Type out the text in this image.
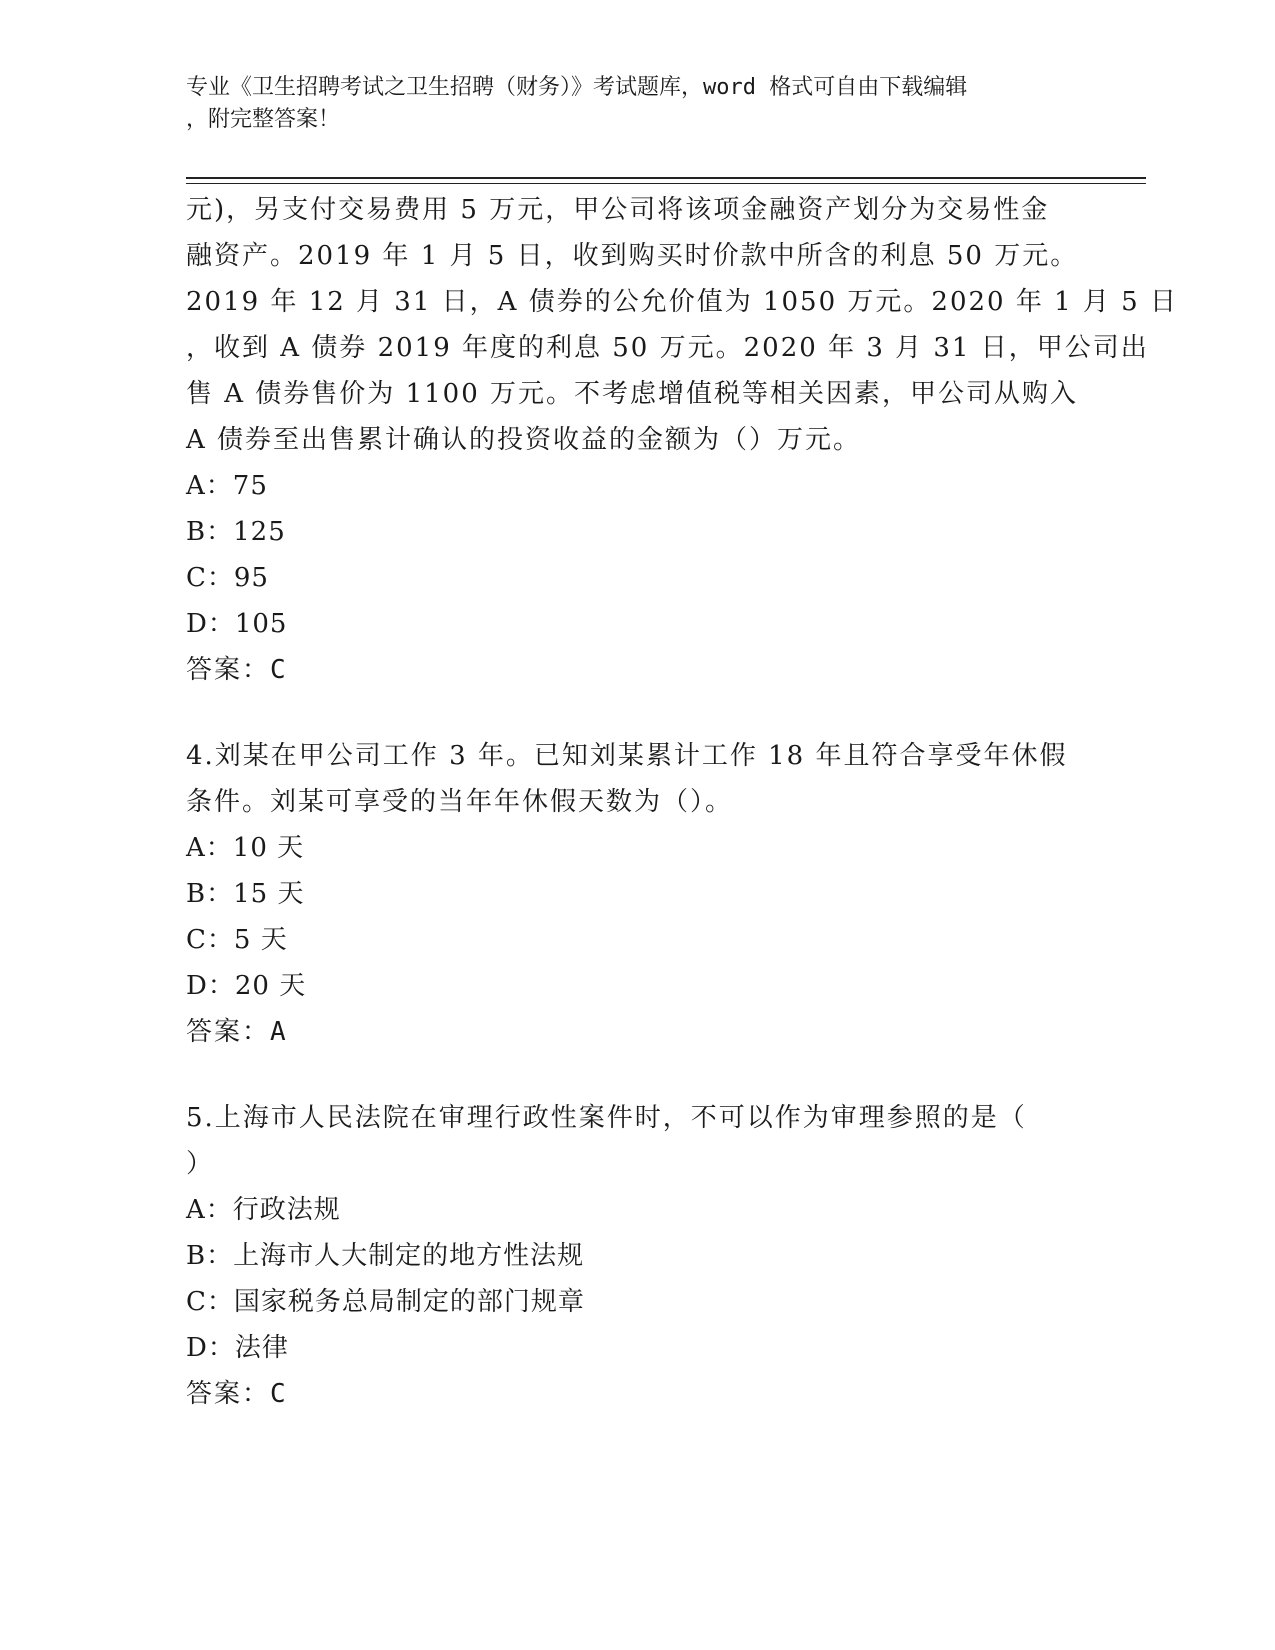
专业《卫生招聘考试之卫生招聘（财务）》考试题库，word 格式可自由下载编辑
，附完整答案！
元)，另支付交易费用 5 万元，甲公司将该项金融资产划分为交易性金
融资产。2019 年 1 月 5 日，收到购买时价款中所含的利息 50 万元。
2019 年 12 月 31 日，A 债券的公允价值为 1050 万元。2020 年 1 月 5 日
，收到 A 债券 2019 年度的利息 50 万元。2020 年 3 月 31 日，甲公司出
售 A 债券售价为 1100 万元。不考虑增值税等相关因素，甲公司从购入
A 债券至出售累计确认的投资收益的金额为（）万元。
A：75
B：125
C：95
D：105
答案：C
4.刘某在甲公司工作 3 年。已知刘某累计工作 18 年且符合享受年休假
条件。刘某可享受的当年年休假天数为（）。
A：10 天
B：15 天
C：5 天
D：20 天
答案：A
5.上海市人民法院在审理行政性案件时，不可以作为审理参照的是（
）
A：行政法规
B：上海市人大制定的地方性法规
C：国家税务总局制定的部门规章
D：法律
答案：C
